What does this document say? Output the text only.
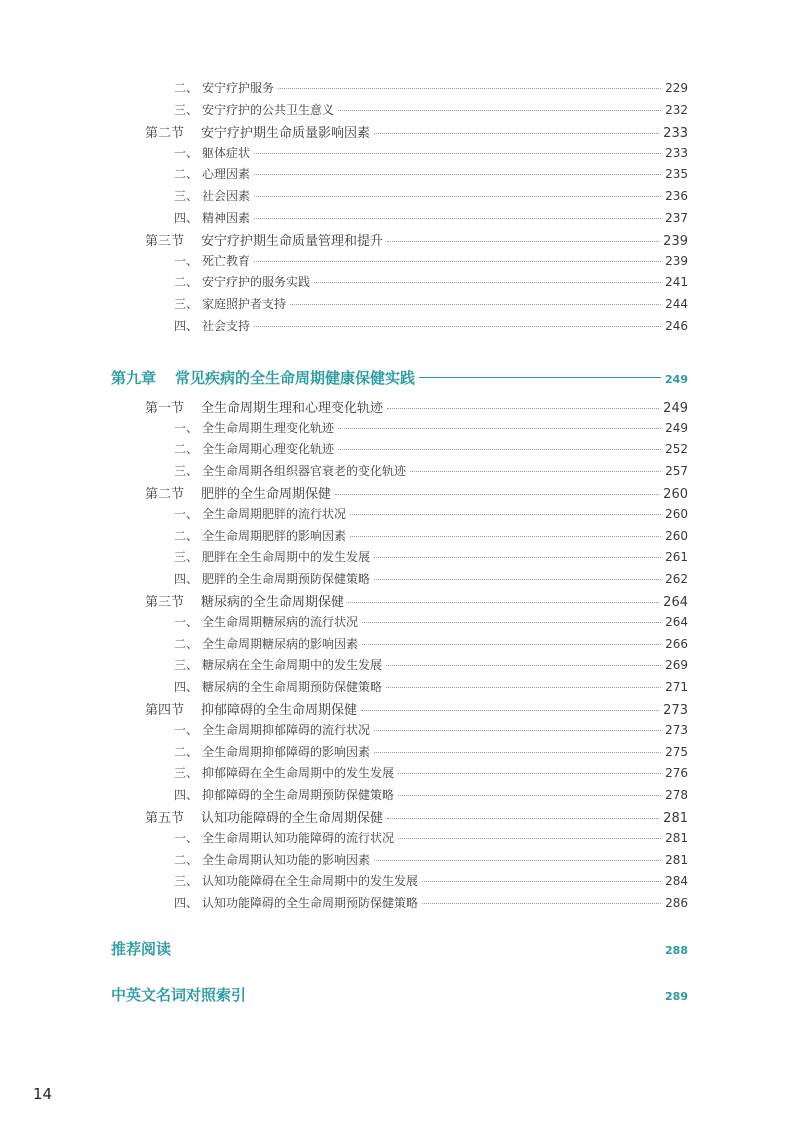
二、 安宁疗护服务	229
三、 安宁疗护的公共卫生意义	232
第二节	安宁疗护期生命质量影响因素	233
一、 躯体症状	233
二、 心理因素	235
三、 社会因素	236
四、 精神因素	237
第三节	安宁疗护期生命质量管理和提升	239
一、 死亡教育	239
二、 安宁疗护的服务实践	241
三、 家庭照护者支持	244
四、 社会支持	246
第九章	常见疾病的全生命周期健康保健实践	249
第一节	全生命周期生理和心理变化轨迹	249
一、 全生命周期生理变化轨迹	249
二、 全生命周期心理变化轨迹	252
三、 全生命周期各组织器官衰老的变化轨迹	257
第二节	肥胖的全生命周期保健	260
一、 全生命周期肥胖的流行状况	260
二、 全生命周期肥胖的影响因素	260
三、 肥胖在全生命周期中的发生发展	261
四、 肥胖的全生命周期预防保健策略	262
第三节	糖尿病的全生命周期保健	264
一、 全生命周期糖尿病的流行状况	264
二、 全生命周期糖尿病的影响因素	266
三、 糖尿病在全生命周期中的发生发展	269
四、 糖尿病的全生命周期预防保健策略	271
第四节	抑郁障碍的全生命周期保健	273
一、 全生命周期抑郁障碍的流行状况	273
二、 全生命周期抑郁障碍的影响因素	275
三、 抑郁障碍在全生命周期中的发生发展	276
四、 抑郁障碍的全生命周期预防保健策略	278
第五节	认知功能障碍的全生命周期保健	281
一、 全生命周期认知功能障碍的流行状况	281
二、 全生命周期认知功能的影响因素	281
三、 认知功能障碍在全生命周期中的发生发展	284
四、 认知功能障碍的全生命周期预防保健策略	286
推荐阅读	288
中英文名词对照索引	289
14
